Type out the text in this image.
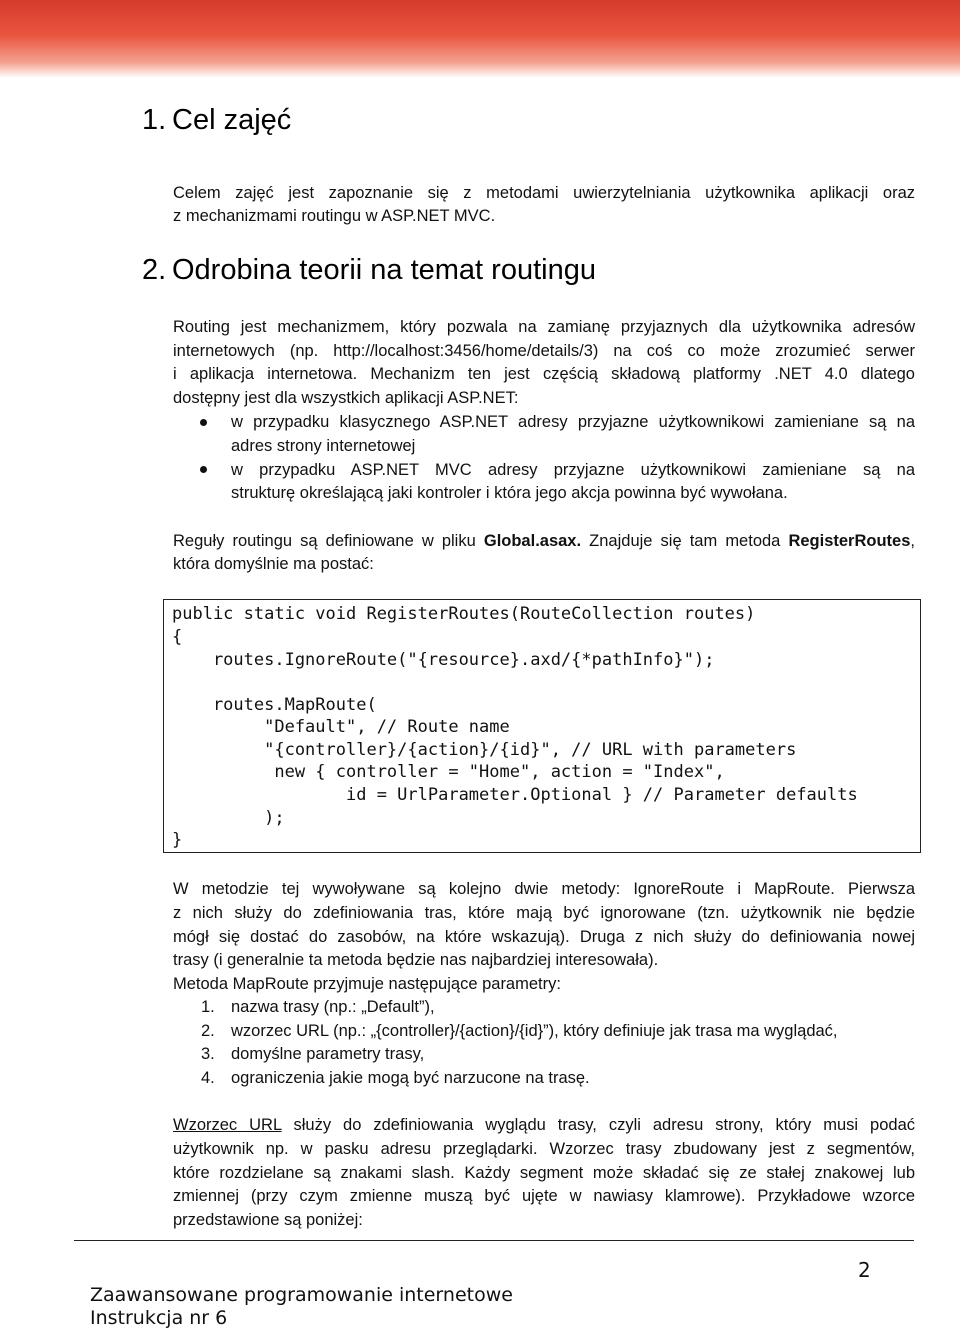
1. Cel zajęć
Celem zajęć jest zapoznanie się z metodami uwierzytelniania użytkownika aplikacji oraz
z mechanizmami routingu w ASP.NET MVC.
2. Odrobina teorii na temat routingu
Routing jest mechanizmem, który pozwala na zamianę przyjaznych dla użytkownika adresów
internetowych (np. http://localhost:3456/home/details/3) na coś co może zrozumieć serwer
i aplikacja internetowa. Mechanizm ten jest częścią składową platformy .NET 4.0 dlatego
dostępny jest dla wszystkich aplikacji ASP.NET:
w przypadku klasycznego ASP.NET adresy przyjazne użytkownikowi zamieniane są na
adres strony internetowej
w przypadku ASP.NET MVC adresy przyjazne użytkownikowi zamieniane są na
strukturę określającą jaki kontroler i która jego akcja powinna być wywołana.
Reguły routingu są definiowane w pliku Global.asax. Znajduje się tam metoda RegisterRoutes,
która domyślnie ma postać:
public static void RegisterRoutes(RouteCollection routes)
{
routes.IgnoreRoute("{resource}.axd/{*pathInfo}");
routes.MapRoute(
"Default", // Route name
"{controller}/{action}/{id}", // URL with parameters
new { controller = "Home", action = "Index",
id = UrlParameter.Optional } // Parameter defaults
);
}
W metodzie tej wywoływane są kolejno dwie metody: IgnoreRoute i MapRoute. Pierwsza
z nich służy do zdefiniowania tras, które mają być ignorowane (tzn. użytkownik nie będzie
mógł się dostać do zasobów, na które wskazują). Druga z nich służy do definiowania nowej
trasy (i generalnie ta metoda będzie nas najbardziej interesowała).
Metoda MapRoute przyjmuje następujące parametry:
1. nazwa trasy (np.: „Default”),
2. wzorzec URL (np.: „{controller}/{action}/{id}”), który definiuje jak trasa ma wyglądać,
3. domyślne parametry trasy,
4. ograniczenia jakie mogą być narzucone na trasę.
Wzorzec URL służy do zdefiniowania wyglądu trasy, czyli adresu strony, który musi podać
użytkownik np. w pasku adresu przeglądarki. Wzorzec trasy zbudowany jest z segmentów,
które rozdzielane są znakami slash. Każdy segment może składać się ze stałej znakowej lub
zmiennej (przy czym zmienne muszą być ujęte w nawiasy klamrowe). Przykładowe wzorce
przedstawione są poniżej:
2
Zaawansowane programowanie internetowe
Instrukcja nr 6
